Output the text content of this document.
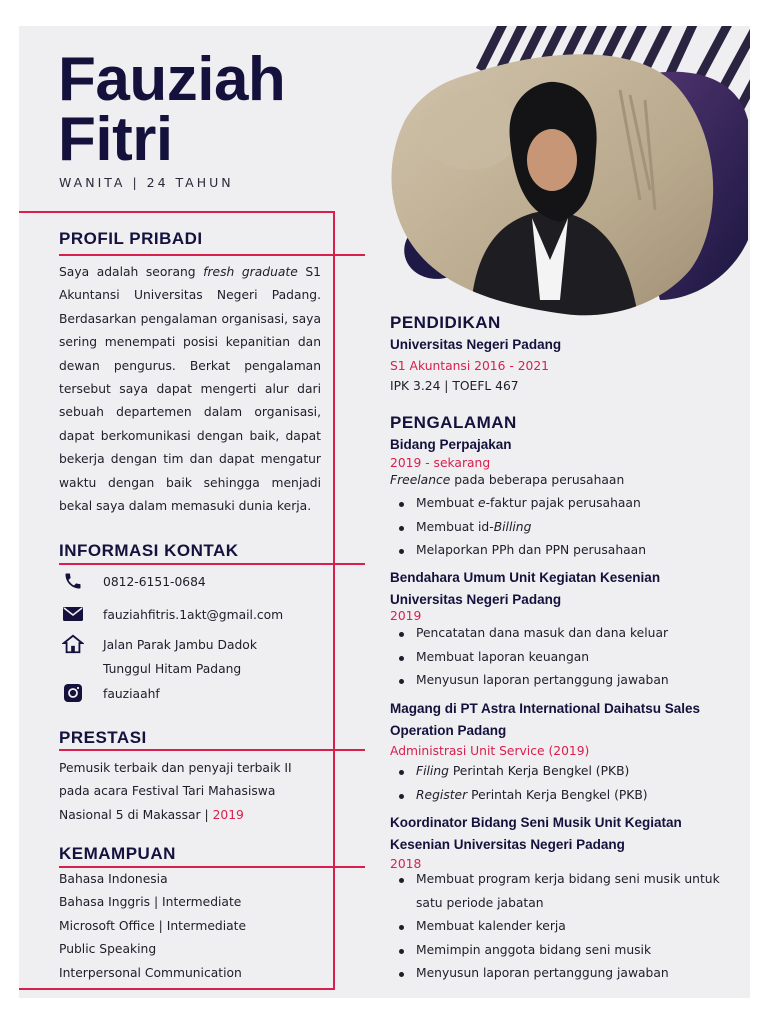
Fauziah
Fitri
WANITA | 24 TAHUN
PROFIL PRIBADI
Saya adalah seorang fresh graduate S1 Akuntansi Universitas Negeri Padang. Berdasarkan pengalaman organisasi, saya sering menempati posisi kepanitian dan dewan pengurus. Berkat pengalaman tersebut saya dapat mengerti alur dari sebuah departemen dalam organisasi, dapat berkomunikasi dengan baik, dapat bekerja dengan tim dan dapat mengatur waktu dengan baik sehingga menjadi bekal saya dalam memasuki dunia kerja.
INFORMASI KONTAK
0812-6151-0684
fauziahfitris.1akt@gmail.com
Jalan Parak Jambu Dadok
Tunggul Hitam Padang
fauziaahf
PRESTASI
Pemusik terbaik dan penyaji terbaik II
pada acara Festival Tari Mahasiswa
Nasional 5 di Makassar | 2019
KEMAMPUAN
Bahasa Indonesia
Bahasa Inggris | Intermediate
Microsoft Office | Intermediate
Public Speaking
Interpersonal Communication
PENDIDIKAN
Universitas Negeri Padang
S1 Akuntansi 2016 - 2021
IPK 3.24 | TOEFL 467
PENGALAMAN
Bidang Perpajakan
2019 - sekarang
Freelance pada beberapa perusahaan
Membuat e-faktur pajak perusahaan
Membuat id-Billing
Melaporkan PPh dan PPN perusahaan
Bendahara Umum Unit Kegiatan Kesenian
Universitas Negeri Padang
2019
Pencatatan dana masuk dan dana keluar
Membuat laporan keuangan
Menyusun laporan pertanggung jawaban
Magang di PT Astra International Daihatsu Sales
Operation Padang
Administrasi Unit Service (2019)
Filing Perintah Kerja Bengkel (PKB)
Register Perintah Kerja Bengkel (PKB)
Koordinator Bidang Seni Musik Unit Kegiatan
Kesenian Universitas Negeri Padang
2018
Membuat program kerja bidang seni musik untuk satu periode jabatan
Membuat kalender kerja
Memimpin anggota bidang seni musik
Menyusun laporan pertanggung jawaban
